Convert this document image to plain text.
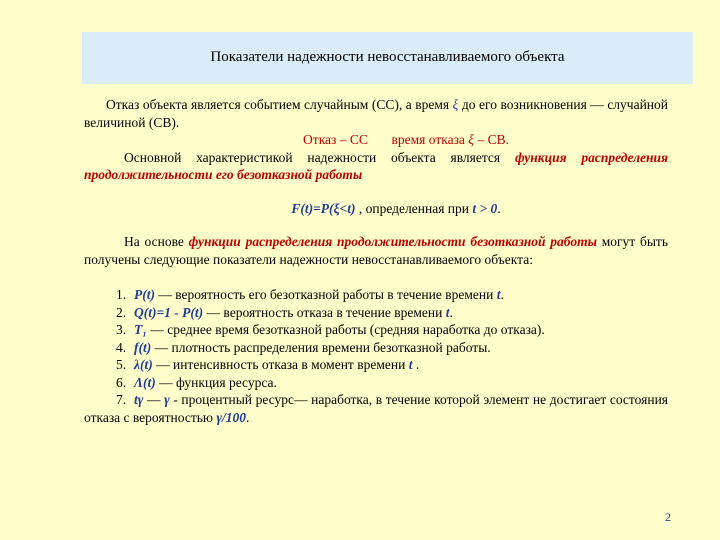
Показатели надежности невосстанавливаемого объекта
Отказ объекта является событием случайным (СС), а время ξ до его возникновения — случайной величиной (СВ).
Отказ – СС время отказа ξ – СВ.
Основной характеристикой надежности объекта является функция распределения продолжительности его безотказной работы
F(t)=P(ξ<t) , определенная при t > 0.
На основе функции распределения продолжительности безотказной работы могут быть получены следующие показатели надежности невосстанавливаемого объекта:
1. P(t) — вероятность его безотказной работы в течение времени t.
2. Q(t)=1 - P(t) — вероятность отказа в течение времени t.
3. T₁ — среднее время безотказной работы (средняя наработка до отказа).
4. f(t) — плотность распределения времени безотказной работы.
5. λ(t) — интенсивность отказа в момент времени t .
6. Λ(t) — функция ресурса.
7. tγ — γ - процентный ресурс— наработка, в течение которой элемент не достигает состояния отказа с вероятностью γ/100.
2
